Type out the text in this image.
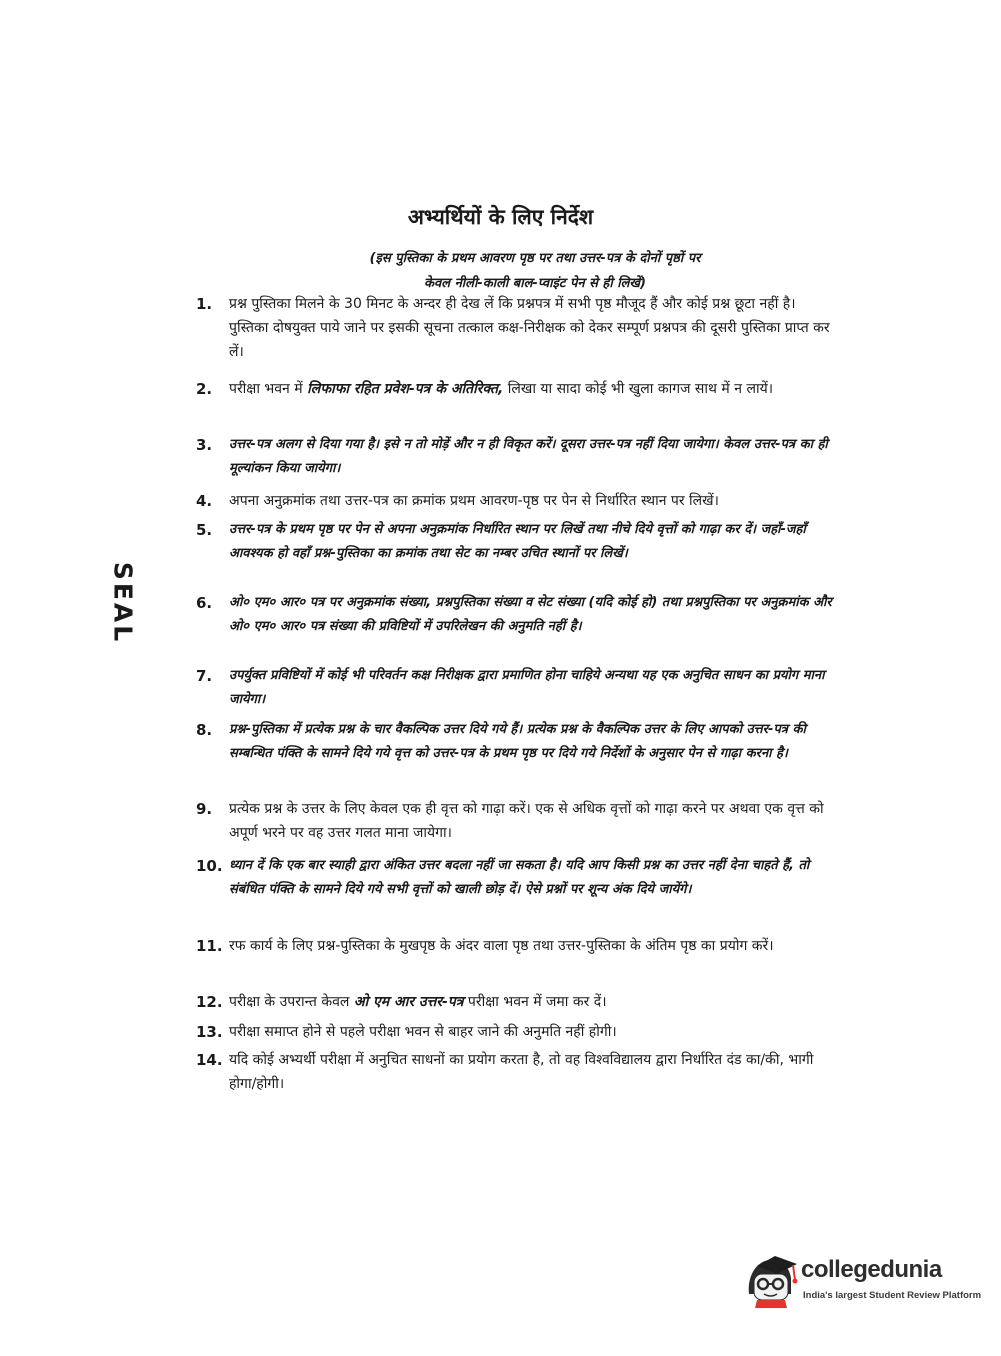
अभ्यर्थियों के लिए निर्देश
(इस पुस्तिका के प्रथम आवरण पृष्ठ पर तथा उत्तर-पत्र के दोनों पृष्ठों पर
केवल नीली-काली बाल-प्वाइंट पेन से ही लिखें)
SEAL
1.	प्रश्न पुस्तिका मिलने के 30 मिनट के अन्दर ही देख लें कि प्रश्नपत्र में सभी पृष्ठ मौजूद हैं और कोई प्रश्न छूटा नहीं है। पुस्तिका दोषयुक्त पाये जाने पर इसकी सूचना तत्काल कक्ष-निरीक्षक को देकर सम्पूर्ण प्रश्नपत्र की दूसरी पुस्तिका प्राप्त कर लें।
2.	परीक्षा भवन में लिफाफा रहित प्रवेश-पत्र के अतिरिक्त, लिखा या सादा कोई भी खुला कागज साथ में न लायें।
3.	उत्तर-पत्र अलग से दिया गया है। इसे न तो मोड़ें और न ही विकृत करें। दूसरा उत्तर-पत्र नहीं दिया जायेगा। केवल उत्तर-पत्र का ही मूल्यांकन किया जायेगा।
4.	अपना अनुक्रमांक तथा उत्तर-पत्र का क्रमांक प्रथम आवरण-पृष्ठ पर पेन से निर्धारित स्थान पर लिखें।
5.	उत्तर-पत्र के प्रथम पृष्ठ पर पेन से अपना अनुक्रमांक निर्धारित स्थान पर लिखें तथा नीचे दिये वृत्तों को गाढ़ा कर दें। जहाँ-जहाँ आवश्यक हो वहाँ प्रश्न-पुस्तिका का क्रमांक तथा सेट का नम्बर उचित स्थानों पर लिखें।
6.	ओ० एम० आर० पत्र पर अनुक्रमांक संख्या, प्रश्नपुस्तिका संख्या व सेट संख्या (यदि कोई हो) तथा प्रश्नपुस्तिका पर अनुक्रमांक और ओ० एम० आर० पत्र संख्या की प्रविष्टियों में उपरिलेखन की अनुमति नहीं है।
7.	उपर्युक्त प्रविष्टियों में कोई भी परिवर्तन कक्ष निरीक्षक द्वारा प्रमाणित होना चाहिये अन्यथा यह एक अनुचित साधन का प्रयोग माना जायेगा।
8.	प्रश्न-पुस्तिका में प्रत्येक प्रश्न के चार वैकल्पिक उत्तर दिये गये हैं। प्रत्येक प्रश्न के वैकल्पिक उत्तर के लिए आपको उत्तर-पत्र की सम्बन्धित पंक्ति के सामने दिये गये वृत्त को उत्तर-पत्र के प्रथम पृष्ठ पर दिये गये निर्देशों के अनुसार पेन से गाढ़ा करना है।
9.	प्रत्येक प्रश्न के उत्तर के लिए केवल एक ही वृत्त को गाढ़ा करें। एक से अधिक वृत्तों को गाढ़ा करने पर अथवा एक वृत्त को अपूर्ण भरने पर वह उत्तर गलत माना जायेगा।
10. ध्यान दें कि एक बार स्याही द्वारा अंकित उत्तर बदला नहीं जा सकता है। यदि आप किसी प्रश्न का उत्तर नहीं देना चाहते हैं, तो संबंधित पंक्ति के सामने दिये गये सभी वृत्तों को खाली छोड़ दें। ऐसे प्रश्नों पर शून्य अंक दिये जायेंगे।
11. रफ कार्य के लिए प्रश्न-पुस्तिका के मुखपृष्ठ के अंदर वाला पृष्ठ तथा उत्तर-पुस्तिका के अंतिम पृष्ठ का प्रयोग करें।
12. परीक्षा के उपरान्त केवल ओ एम आर उत्तर-पत्र परीक्षा भवन में जमा कर दें।
13. परीक्षा समाप्त होने से पहले परीक्षा भवन से बाहर जाने की अनुमति नहीं होगी।
14. यदि कोई अभ्यर्थी परीक्षा में अनुचित साधनों का प्रयोग करता है, तो वह विश्वविद्यालय द्वारा निर्धारित दंड का/की, भागी होगा/होगी।
collegedunia
India's largest Student Review Platform
